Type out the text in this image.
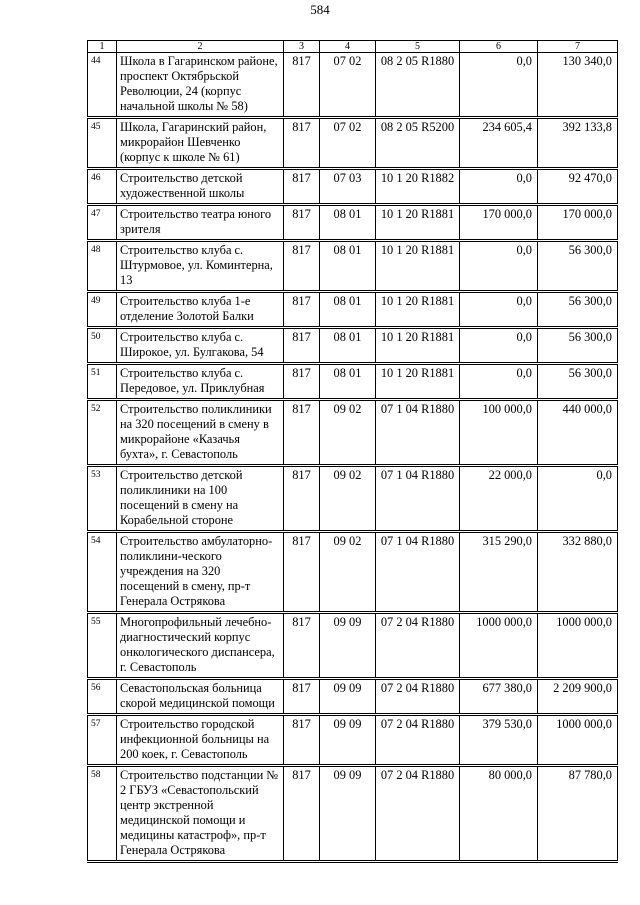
584
1	2	3	4	5	6	7
44	Школа в Гагаринском районе, проспект Октябрьской Революции, 24 (корпус начальной школы № 58)	817	07 02	08 2 05 R1880	0,0	130 340,0
45	Школа, Гагаринский район, микрорайон Шевченко (корпус к школе № 61)	817	07 02	08 2 05 R5200	234 605,4	392 133,8
46	Строительство детской художественной школы	817	07 03	10 1 20 R1882	0,0	92 470,0
47	Строительство театра юного зрителя	817	08 01	10 1 20 R1881	170 000,0	170 000,0
48	Строительство клуба с. Штурмовое, ул. Коминтерна, 13	817	08 01	10 1 20 R1881	0,0	56 300,0
49	Строительство клуба 1-е отделение Золотой Балки	817	08 01	10 1 20 R1881	0,0	56 300,0
50	Строительство клуба с. Широкое, ул. Булгакова, 54	817	08 01	10 1 20 R1881	0,0	56 300,0
51	Строительство клуба с. Передовое, ул. Приклубная	817	08 01	10 1 20 R1881	0,0	56 300,0
52	Строительство поликлиники на 320 посещений в смену в микрорайоне «Казачья бухта», г. Севастополь	817	09 02	07 1 04 R1880	100 000,0	440 000,0
53	Строительство детской поликлиники на 100 посещений в смену на Корабельной стороне	817	09 02	07 1 04 R1880	22 000,0	0,0
54	Строительство амбулаторно-поликлини-ческого учреждения на 320 посещений в смену, пр-т Генерала Острякова	817	09 02	07 1 04 R1880	315 290,0	332 880,0
55	Многопрофильный лечебно-диагностический корпус онкологического диспансера, г. Севастополь	817	09 09	07 2 04 R1880	1000 000,0	1000 000,0
56	Севастопольская больница скорой медицинской помощи	817	09 09	07 2 04 R1880	677 380,0	2 209 900,0
57	Строительство городской инфекционной больницы на 200 коек, г. Севастополь	817	09 09	07 2 04 R1880	379 530,0	1000 000,0
58	Строительство подстанции № 2 ГБУЗ «Севастопольский центр экстренной медицинской помощи и медицины катастроф», пр-т Генерала Острякова	817	09 09	07 2 04 R1880	80 000,0	87 780,0
